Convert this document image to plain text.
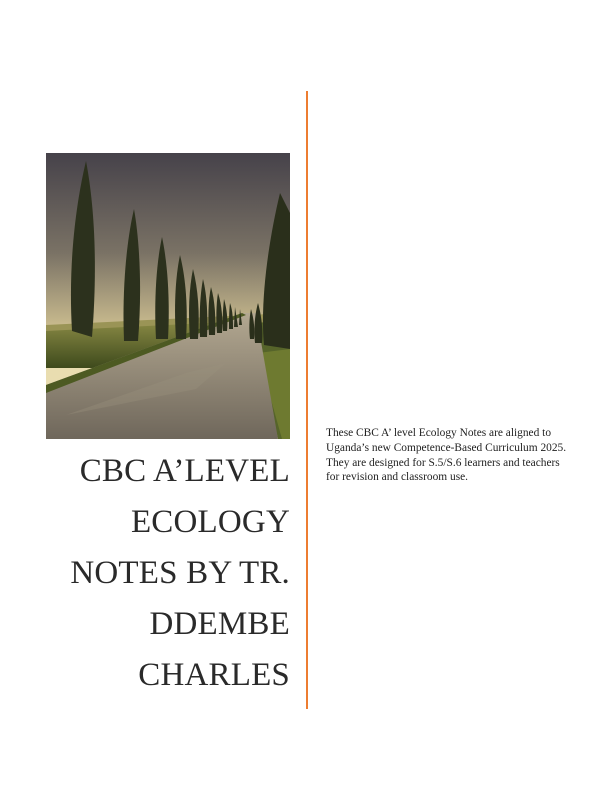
CBC A’LEVEL
ECOLOGY
NOTES BY TR.
DDEMBE
CHARLES

These CBC A’ level Ecology Notes are aligned to Uganda’s new Competence-Based Curriculum 2025. They are designed for S.5/S.6 learners and teachers for revision and classroom use.
